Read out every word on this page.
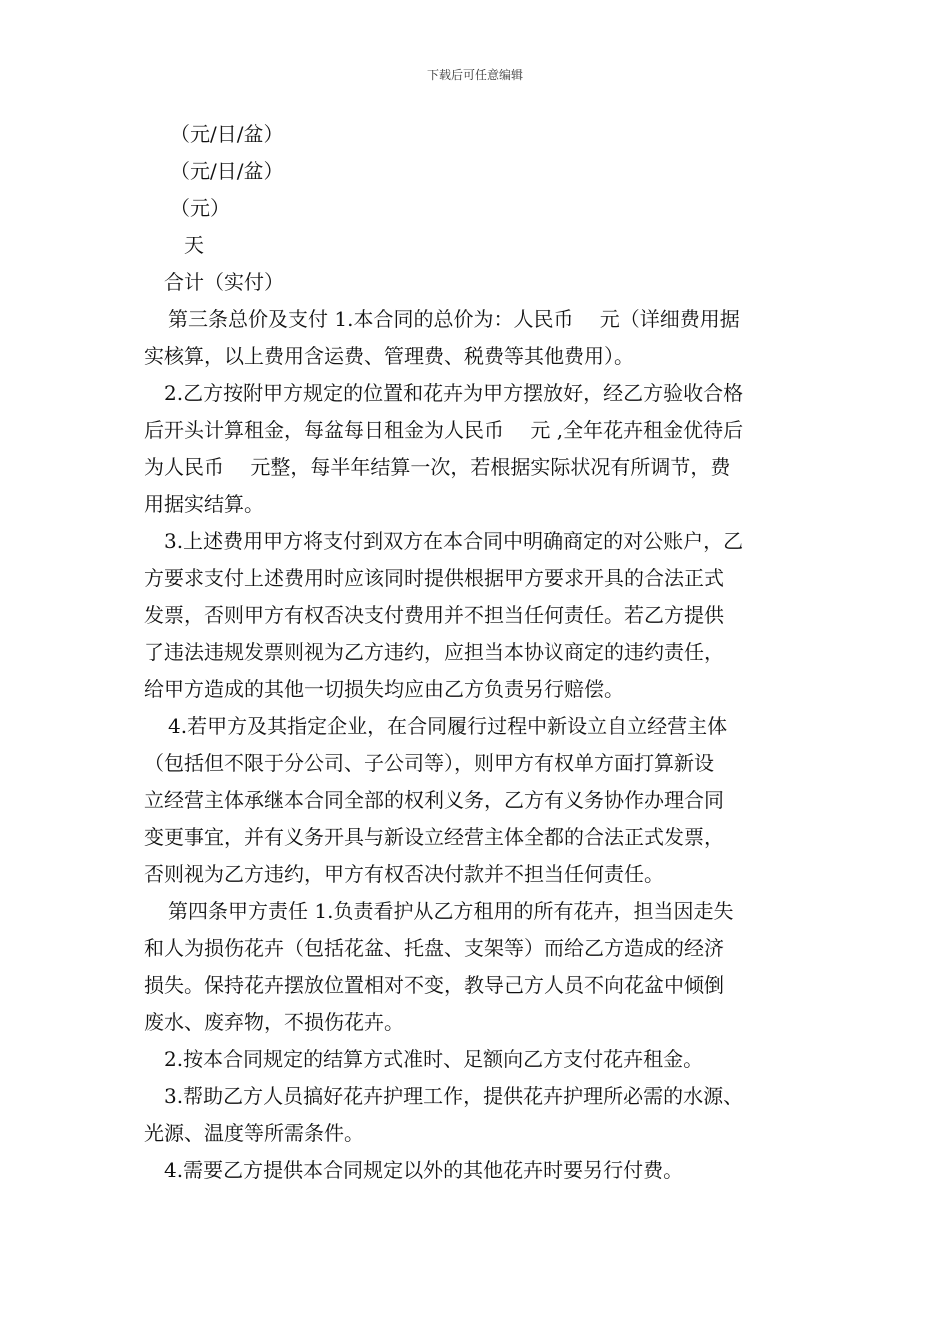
下载后可任意编辑
（元/日/盆）
（元/日/盆）
（元）
天
合计（实付）
第三条总价及支付 1.本合同的总价为：人民币　 元（详细费用据
实核算，以上费用含运费、管理费、税费等其他费用）。
2.乙方按附甲方规定的位置和花卉为甲方摆放好，经乙方验收合格
后开头计算租金，每盆每日租金为人民币　 元 ,全年花卉租金优待后
为人民币　 元整，每半年结算一次，若根据实际状况有所调节，费
用据实结算。
3.上述费用甲方将支付到双方在本合同中明确商定的对公账户，乙
方要求支付上述费用时应该同时提供根据甲方要求开具的合法正式
发票，否则甲方有权否决支付费用并不担当任何责任。若乙方提供
了违法违规发票则视为乙方违约，应担当本协议商定的违约责任，
给甲方造成的其他一切损失均应由乙方负责另行赔偿。
4.若甲方及其指定企业，在合同履行过程中新设立自立经营主体
（包括但不限于分公司、子公司等），则甲方有权单方面打算新设
立经营主体承继本合同全部的权利义务，乙方有义务协作办理合同
变更事宜，并有义务开具与新设立经营主体全都的合法正式发票，
否则视为乙方违约，甲方有权否决付款并不担当任何责任。
第四条甲方责任 1.负责看护从乙方租用的所有花卉，担当因走失
和人为损伤花卉（包括花盆、托盘、支架等）而给乙方造成的经济
损失。保持花卉摆放位置相对不变，教导己方人员不向花盆中倾倒
废水、废弃物，不损伤花卉。
2.按本合同规定的结算方式准时、足额向乙方支付花卉租金。
3.帮助乙方人员搞好花卉护理工作，提供花卉护理所必需的水源、
光源、温度等所需条件。
4.需要乙方提供本合同规定以外的其他花卉时要另行付费。
